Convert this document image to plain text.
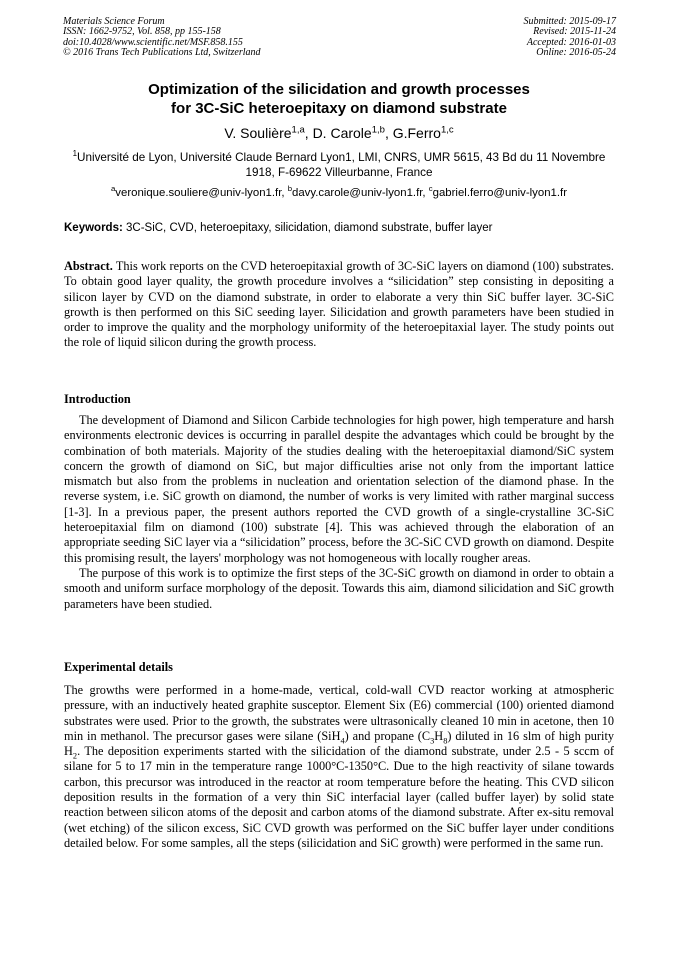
Materials Science Forum
ISSN: 1662-9752, Vol. 858, pp 155-158
doi:10.4028/www.scientific.net/MSF.858.155
© 2016 Trans Tech Publications Ltd, Switzerland
Submitted: 2015-09-17
Revised: 2015-11-24
Accepted: 2016-01-03
Online: 2016-05-24
Optimization of the silicidation and growth processes
for 3C-SiC heteroepitaxy on diamond substrate
V. Soulière$^{1,a}$, D. Carole$^{1,b}$, G.Ferro$^{1,c}$
$^1$Université de Lyon, Université Claude Bernard Lyon1, LMI, CNRS, UMR 5615, 43 Bd du 11 Novembre 1918, F-69622 Villeurbanne, France
$^a$veronique.souliere@univ-lyon1.fr, $^b$davy.carole@univ-lyon1.fr, $^c$gabriel.ferro@univ-lyon1.fr
Keywords: 3C-SiC, CVD, heteroepitaxy, silicidation, diamond substrate, buffer layer

Abstract. This work reports on the CVD heteroepitaxial growth of 3C-SiC layers on diamond (100) substrates. To obtain good layer quality, the growth procedure involves a “silicidation” step consisting in depositing a silicon layer by CVD on the diamond substrate, in order to elaborate a very thin SiC buffer layer. 3C-SiC growth is then performed on this SiC seeding layer. Silicidation and growth parameters have been studied in order to improve the quality and the morphology uniformity of the heteroepitaxial layer. The study points out the role of liquid silicon during the growth process.

Introduction

The development of Diamond and Silicon Carbide technologies for high power, high temperature and harsh environments electronic devices is occurring in parallel despite the advantages which could be brought by the combination of both materials. Majority of the studies dealing with the heteroepitaxial diamond/SiC system concern the growth of diamond on SiC, but major difficulties arise not only from the important lattice mismatch but also from the problems in nucleation and orientation selection of the diamond phase. In the reverse system, i.e. SiC growth on diamond, the number of works is very limited with rather marginal success [1-3]. In a previous paper, the present authors reported the CVD growth of a single-crystalline 3C-SiC heteroepitaxial film on diamond (100) substrate [4]. This was achieved through the elaboration of an appropriate seeding SiC layer via a “silicidation” process, before the 3C-SiC CVD growth on diamond. Despite this promising result, the layers' morphology was not homogeneous with locally rougher areas.

The purpose of this work is to optimize the first steps of the 3C-SiC growth on diamond in order to obtain a smooth and uniform surface morphology of the deposit. Towards this aim, diamond silicidation and SiC growth parameters have been studied.

Experimental details

The growths were performed in a home-made, vertical, cold-wall CVD reactor working at atmospheric pressure, with an inductively heated graphite susceptor. Element Six (E6) commercial (100) oriented diamond substrates were used. Prior to the growth, the substrates were ultrasonically cleaned 10 min in acetone, then 10 min in methanol. The precursor gases were silane (SiH$_4$) and propane $(C_3H_8)$ diluted in 16 slm of high purity $H_2$. The deposition experiments started with the silicidation of the diamond substrate, under 2.5 - 5 sccm of silane for 5 to 17 min in the temperature range 1000°C-1350°C. Due to the high reactivity of silane towards carbon, this precursor was introduced in the reactor at room temperature before the heating. This CVD silicon deposition results in the formation of a very thin SiC interfacial layer (called buffer layer) by solid state reaction between silicon atoms of the deposit and carbon atoms of the diamond substrate. After ex-situ removal (wet etching) of the silicon excess, SiC CVD growth was performed on the SiC buffer layer under conditions detailed below. For some samples, all the steps (silicidation and SiC growth) were performed in the same run.
